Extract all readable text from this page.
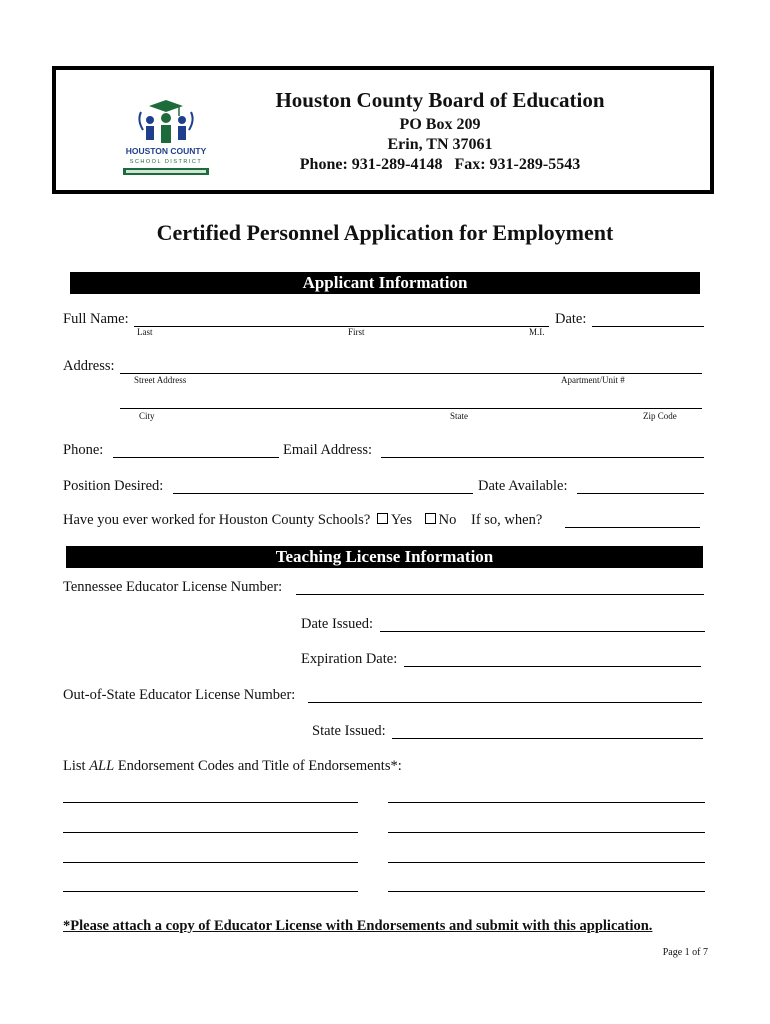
HOUSTON COUNTY
SCHOOL DISTRICT
Houston County Board of Education
PO Box 209
Erin, TN 37061
Phone: 931-289-4148   Fax: 931-289-5543
Certified Personnel Application for Employment
Applicant Information
Full Name:
Last	First	M.I.
Date:
Address:
Street Address	Apartment/Unit #
City	State	Zip Code
Phone:	Email Address:
Position Desired:	Date Available:
Have you ever worked for Houston County Schools? Yes No If so, when?
Teaching License Information
Tennessee Educator License Number:
Date Issued:
Expiration Date:
Out-of-State Educator License Number:
State Issued:
List ALL Endorsement Codes and Title of Endorsements*:
*Please attach a copy of Educator License with Endorsements and submit with this application.
Page 1 of 7
